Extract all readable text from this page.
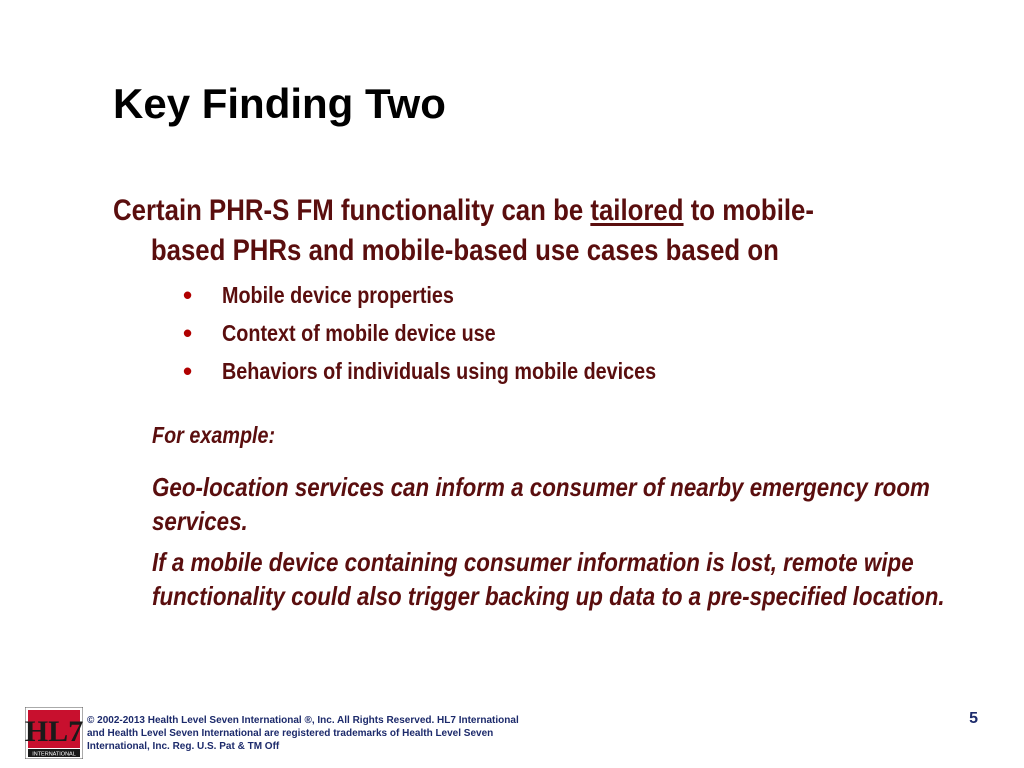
Key Finding Two

Certain PHR-S FM functionality can be tailored to mobile-
based PHRs and mobile-based use cases based on

• Mobile device properties
• Context of mobile device use
• Behaviors of individuals using mobile devices

For example:

Geo-location services can inform a consumer of nearby emergency room services.

If a mobile device containing consumer information is lost, remote wipe functionality could also trigger backing up data to a pre-specified location.

HL7
INTERNATIONAL

© 2002-2013 Health Level Seven International ®, Inc. All Rights Reserved. HL7 International and Health Level Seven International are registered trademarks of Health Level Seven International, Inc. Reg. U.S. Pat & TM Off

5
